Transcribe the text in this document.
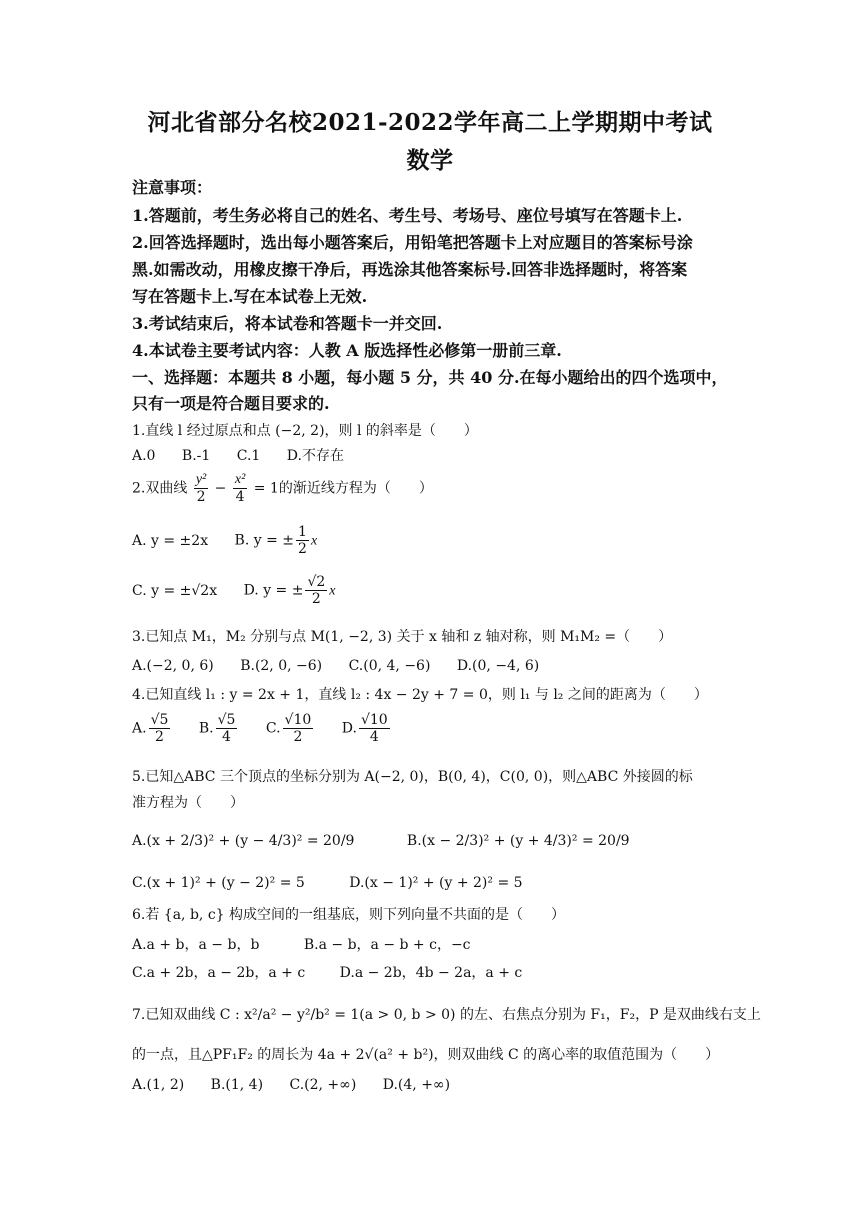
河北省部分名校2021-2022学年高二上学期期中考试
数学
注意事项：
1.答题前，考生务必将自己的姓名、考生号、考场号、座位号填写在答题卡上.
2.回答选择题时，选出每小题答案后，用铅笔把答题卡上对应题目的答案标号涂
黑.如需改动，用橡皮擦干净后，再选涂其他答案标号.回答非选择题时，将答案
写在答题卡上.写在本试卷上无效.
3.考试结束后，将本试卷和答题卡一并交回.
4.本试卷主要考试内容：人教 A 版选择性必修第一册前三章.
一、选择题：本题共 8 小题，每小题 5 分，共 40 分.在每小题给出的四个选项中，
只有一项是符合题目要求的.
1.直线 l 经过原点和点 (−2, 2)，则 l 的斜率是（　　）
A.0 B.-1 C.1 D.不存在
2.双曲线 $\frac{\text{y²}}{2} - \frac{\text{x²}}{4} = 1$的渐近线方程为（　　）
A. y = ±2x B. y = ± $\frac{1}{2}$ x
C. y = ±√2x D. y = ± $\frac{√2}{2}$ x
3.已知点 M₁，M₂ 分别与点 M(1, −2, 3) 关于 x 轴和 z 轴对称，则 M₁M₂ =（　　）
A.(−2, 0, 6) B.(2, 0, −6) C.(0, 4, −6) D.(0, −4, 6)
4.已知直线 l₁ : y = 2x + 1，直线 l₂ : 4x − 2y + 7 = 0，则 l₁ 与 l₂ 之间的距离为（　　）
A. $\frac{√5}{2} B$. $\frac{√5}{4} C$. $\frac{√10}{2} D$. $\frac{√10}{4}$
5.已知△ABC 三个顶点的坐标分别为 A(−2, 0)，B(0, 4)，C(0, 0)，则△ABC 外接圆的标
准方程为（　　）
A.(x + 2/3)² + (y − 4/3)² = 20/9	B.(x − 2/3)² + (y + 4/3)² = 20/9
C.(x + 1)² + (y − 2)² = 5	D.(x − 1)² + (y + 2)² = 5
6.若 {a, b, c} 构成空间的一组基底，则下列向量不共面的是（　　）
A.a + b，a − b，b	B.a − b，a − b + c，−c
C.a + 2b，a − 2b，a + c D.a − 2b，4b − 2a，a + c
7.已知双曲线 C : x²/a² − y²/b² = 1(a > 0, b > 0) 的左、右焦点分别为 F₁，F₂，P 是双曲线右支上
的一点，且△PF₁F₂ 的周长为 4a + 2√(a² + b²)，则双曲线 C 的离心率的取值范围为（　　）
A.(1, 2) B.(1, 4) C.(2, +∞) D.(4, +∞)
